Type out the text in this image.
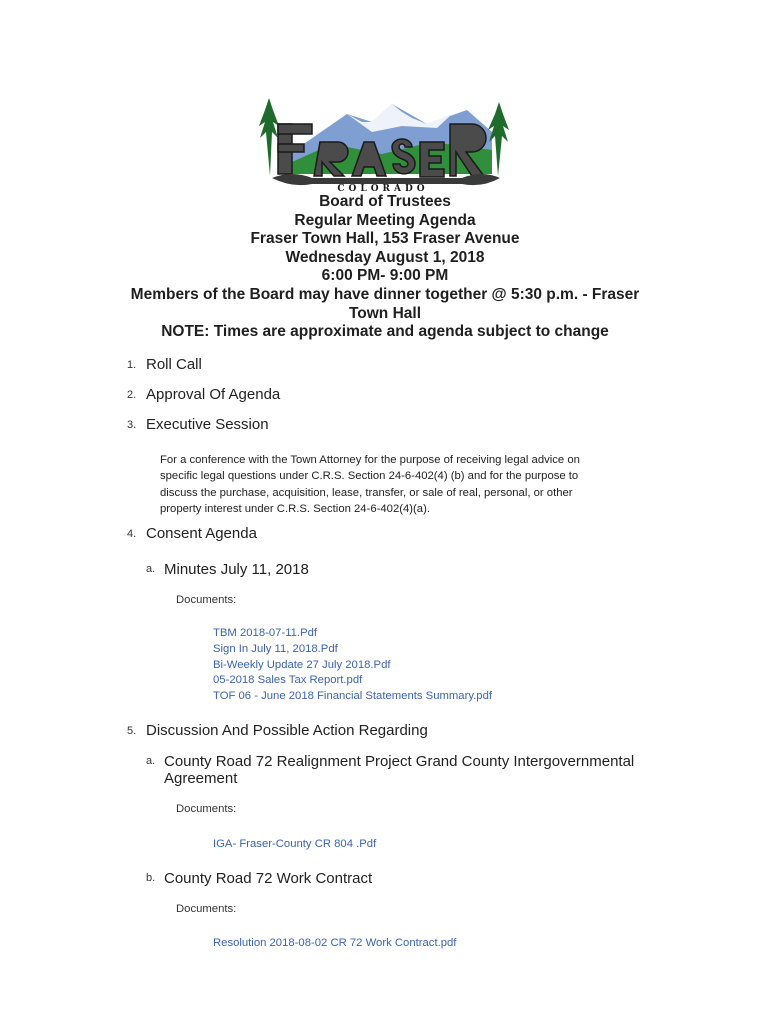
COLORADO
Board of Trustees
Regular Meeting Agenda
Fraser Town Hall, 153 Fraser Avenue
Wednesday August 1, 2018
6:00 PM- 9:00 PM
Members of the Board may have dinner together @ 5:30 p.m. - Fraser
Town Hall
NOTE: Times are approximate and agenda subject to change
1. Roll Call
2. Approval Of Agenda
3. Executive Session
For a conference with the Town Attorney for the purpose of receiving legal advice on
specific legal questions under C.R.S. Section 24-6-402(4) (b) and for the purpose to
discuss the purchase, acquisition, lease, transfer, or sale of real, personal, or other
property interest under C.R.S. Section 24-6-402(4)(a).
4. Consent Agenda
a. Minutes July 11, 2018
Documents:
TBM 2018-07-11.Pdf
Sign In July 11, 2018.Pdf
Bi-Weekly Update 27 July 2018.Pdf
05-2018 Sales Tax Report.pdf
TOF 06 - June 2018 Financial Statements Summary.pdf
5. Discussion And Possible Action Regarding
a. County Road 72 Realignment Project Grand County Intergovernmental
Agreement
Documents:
IGA- Fraser-County CR 804 .Pdf
b. County Road 72 Work Contract
Documents:
Resolution 2018-08-02 CR 72 Work Contract.pdf
